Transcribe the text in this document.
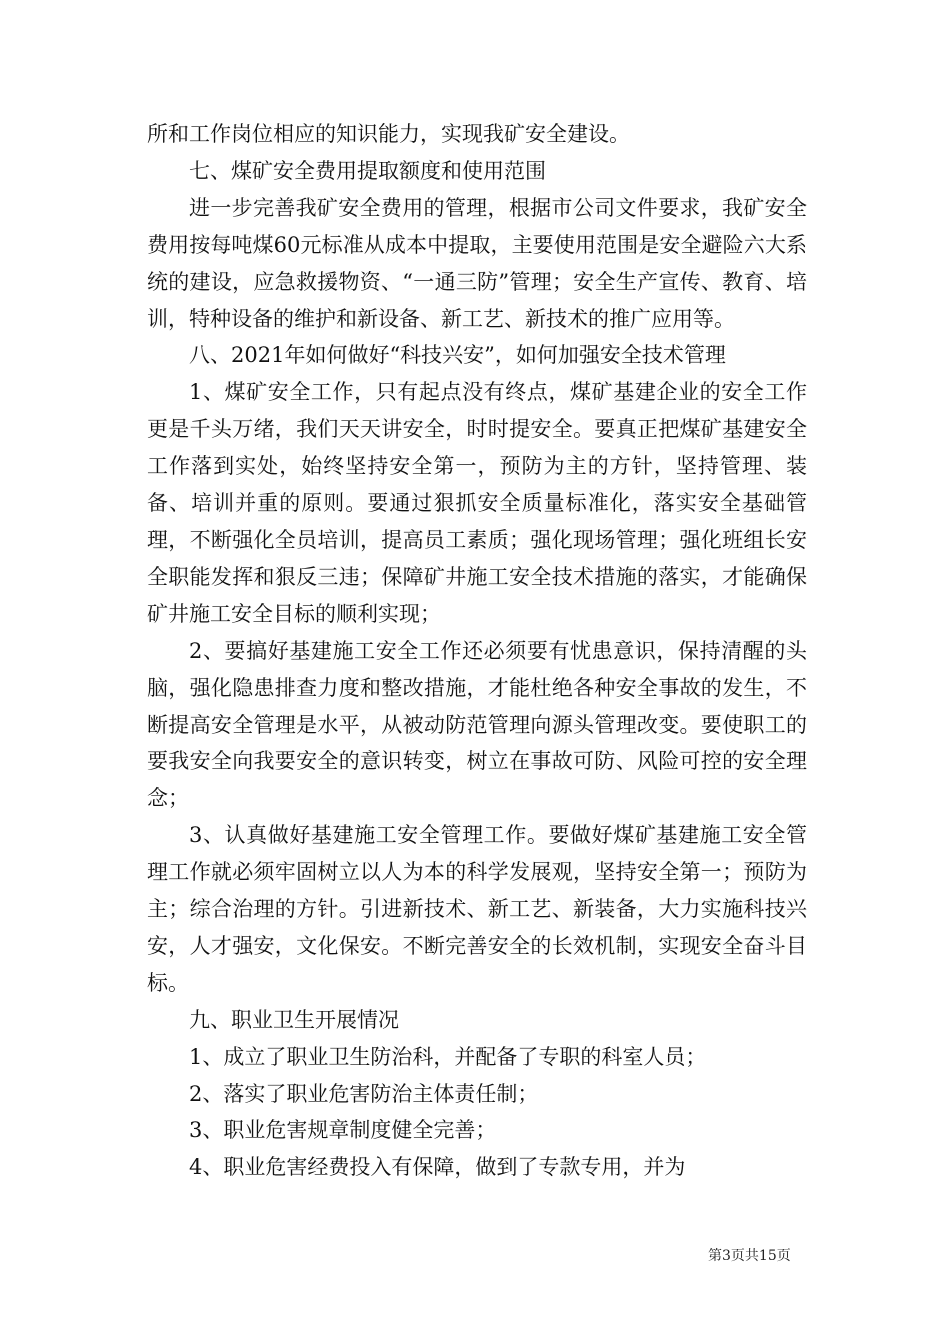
所和工作岗位相应的知识能力，实现我矿安全建设。

七、煤矿安全费用提取额度和使用范围

进一步完善我矿安全费用的管理，根据市公司文件要求，我矿安全费用按每吨煤60元标准从成本中提取，主要使用范围是安全避险六大系统的建设，应急救援物资、“一通三防”管理；安全生产宣传、教育、培训，特种设备的维护和新设备、新工艺、新技术的推广应用等。

八、2021年如何做好“科技兴安”，如何加强安全技术管理

1、煤矿安全工作，只有起点没有终点，煤矿基建企业的安全工作更是千头万绪，我们天天讲安全，时时提安全。要真正把煤矿基建安全工作落到实处，始终坚持安全第一，预防为主的方针，坚持管理、装备、培训并重的原则。要通过狠抓安全质量标准化，落实安全基础管理，不断强化全员培训，提高员工素质；强化现场管理；强化班组长安全职能发挥和狠反三违；保障矿井施工安全技术措施的落实，才能确保矿井施工安全目标的顺利实现；

2、要搞好基建施工安全工作还必须要有忧患意识，保持清醒的头脑，强化隐患排查力度和整改措施，才能杜绝各种安全事故的发生，不断提高安全管理是水平，从被动防范管理向源头管理改变。要使职工的要我安全向我要安全的意识转变，树立在事故可防、风险可控的安全理念；

3、认真做好基建施工安全管理工作。要做好煤矿基建施工安全管理工作就必须牢固树立以人为本的科学发展观，坚持安全第一；预防为主；综合治理的方针。引进新技术、新工艺、新装备，大力实施科技兴安，人才强安，文化保安。不断完善安全的长效机制，实现安全奋斗目标。

九、职业卫生开展情况

1、成立了职业卫生防治科，并配备了专职的科室人员；

2、落实了职业危害防治主体责任制；

3、职业危害规章制度健全完善；

4、职业危害经费投入有保障，做到了专款专用，并为

第3页共15页
